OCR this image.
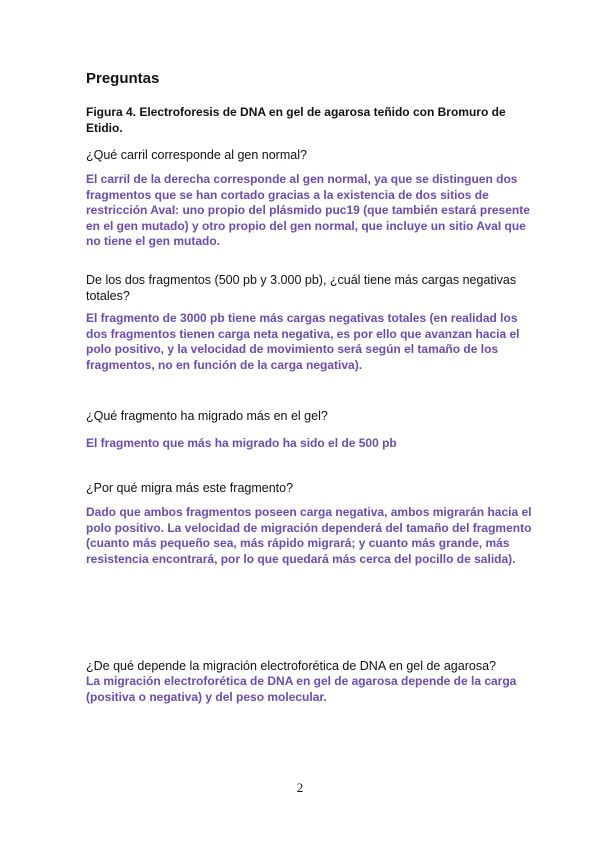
Preguntas
Figura 4. Electroforesis de DNA en gel de agarosa teñido con Bromuro de Etidio.
¿Qué carril corresponde al gen normal?
El carril de la derecha corresponde al gen normal, ya que se distinguen dos fragmentos que se han cortado gracias a la existencia de dos sitios de restricción AvaI: uno propio del plásmido puc19 (que también estará presente en el gen mutado) y otro propio del gen normal, que incluye un sitio AvaI que no tiene el gen mutado.
De los dos fragmentos (500 pb y 3.000 pb), ¿cuál tiene más cargas negativas totales?
El fragmento de 3000 pb tiene más cargas negativas totales (en realidad los dos fragmentos tienen carga neta negativa, es por ello que avanzan hacia el polo positivo, y la velocidad de movimiento será según el tamaño de los fragmentos, no en función de la carga negativa).
¿Qué fragmento ha migrado más en el gel?
El fragmento que más ha migrado ha sido el de 500 pb
¿Por qué migra más este fragmento?
Dado que ambos fragmentos poseen carga negativa, ambos migrarán hacia el polo positivo. La velocidad de migración dependerá del tamaño del fragmento (cuanto más pequeño sea, más rápido migrará; y cuanto más grande, más resistencia encontrará, por lo que quedará más cerca del pocillo de salida).
¿De qué depende la migración electroforética de DNA en gel de agarosa?
La migración electroforética de DNA en gel de agarosa depende de la carga (positiva o negativa) y del peso molecular.
2
